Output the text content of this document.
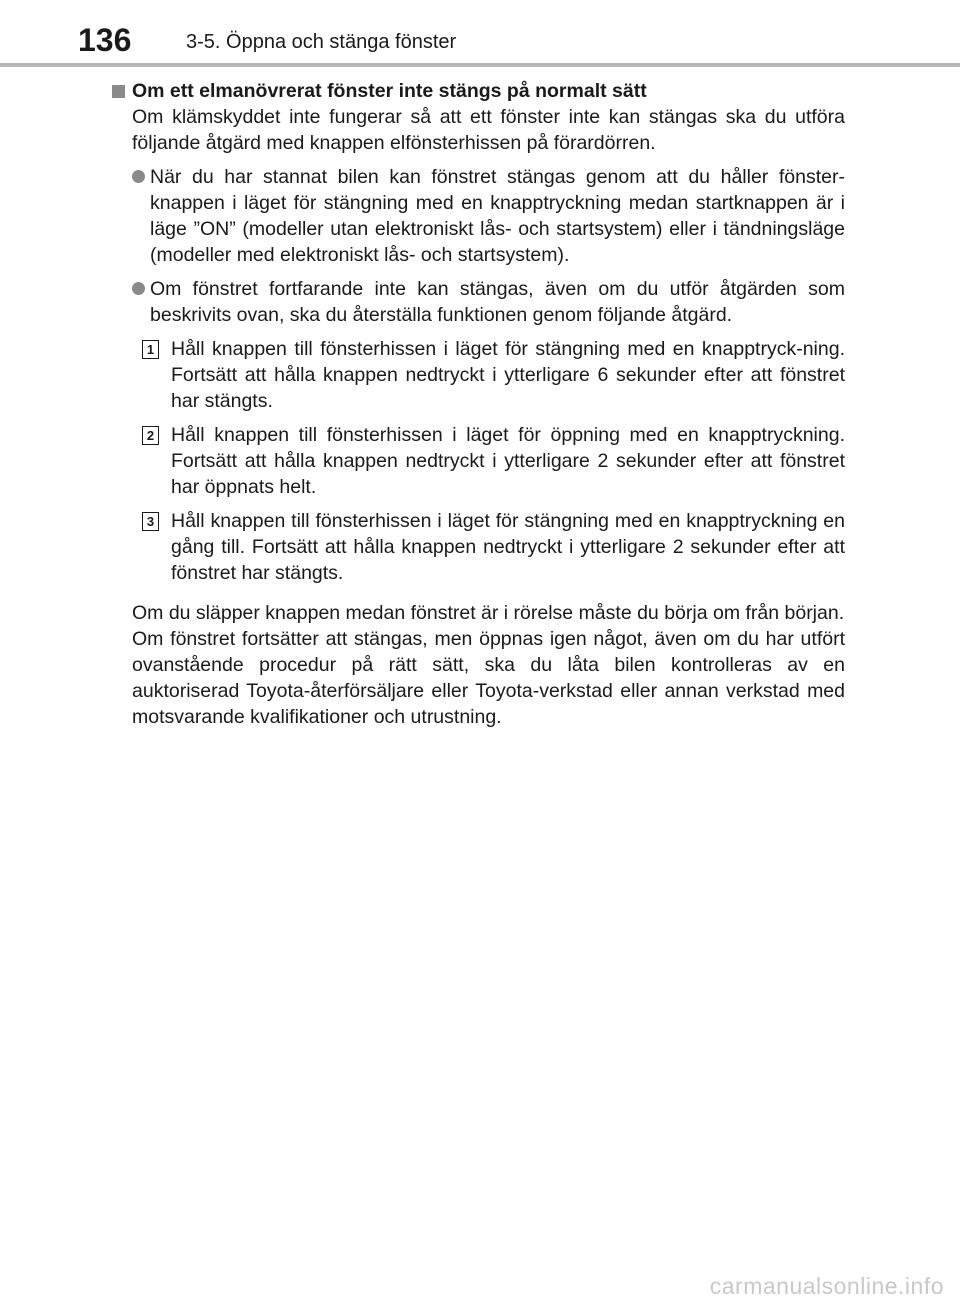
136	3-5. Öppna och stänga fönster
Om ett elmanövrerat fönster inte stängs på normalt sätt
Om klämskyddet inte fungerar så att ett fönster inte kan stängas ska du utföra följande åtgärd med knappen elfönsterhissen på förardörren.
När du har stannat bilen kan fönstret stängas genom att du håller fönster-knappen i läget för stängning med en knapptryckning medan startknappen är i läge ”ON” (modeller utan elektroniskt lås- och startsystem) eller i tändningsläge (modeller med elektroniskt lås- och startsystem).
Om fönstret fortfarande inte kan stängas, även om du utför åtgärden som beskrivits ovan, ska du återställa funktionen genom följande åtgärd.
1 Håll knappen till fönsterhissen i läget för stängning med en knapptryck-ning. Fortsätt att hålla knappen nedtryckt i ytterligare 6 sekunder efter att fönstret har stängts.
2 Håll knappen till fönsterhissen i läget för öppning med en knapptryckning. Fortsätt att hålla knappen nedtryckt i ytterligare 2 sekunder efter att fönstret har öppnats helt.
3 Håll knappen till fönsterhissen i läget för stängning med en knapptryckning en gång till. Fortsätt att hålla knappen nedtryckt i ytterligare 2 sekunder efter att fönstret har stängts.

Om du släpper knappen medan fönstret är i rörelse måste du börja om från början.

Om fönstret fortsätter att stängas, men öppnas igen något, även om du har utfört ovanstående procedur på rätt sätt, ska du låta bilen kontrolleras av en auktoriserad Toyota-återförsäljare eller Toyota-verkstad eller annan verkstad med motsvarande kvalifikationer och utrustning.

carmanualsonline.info
